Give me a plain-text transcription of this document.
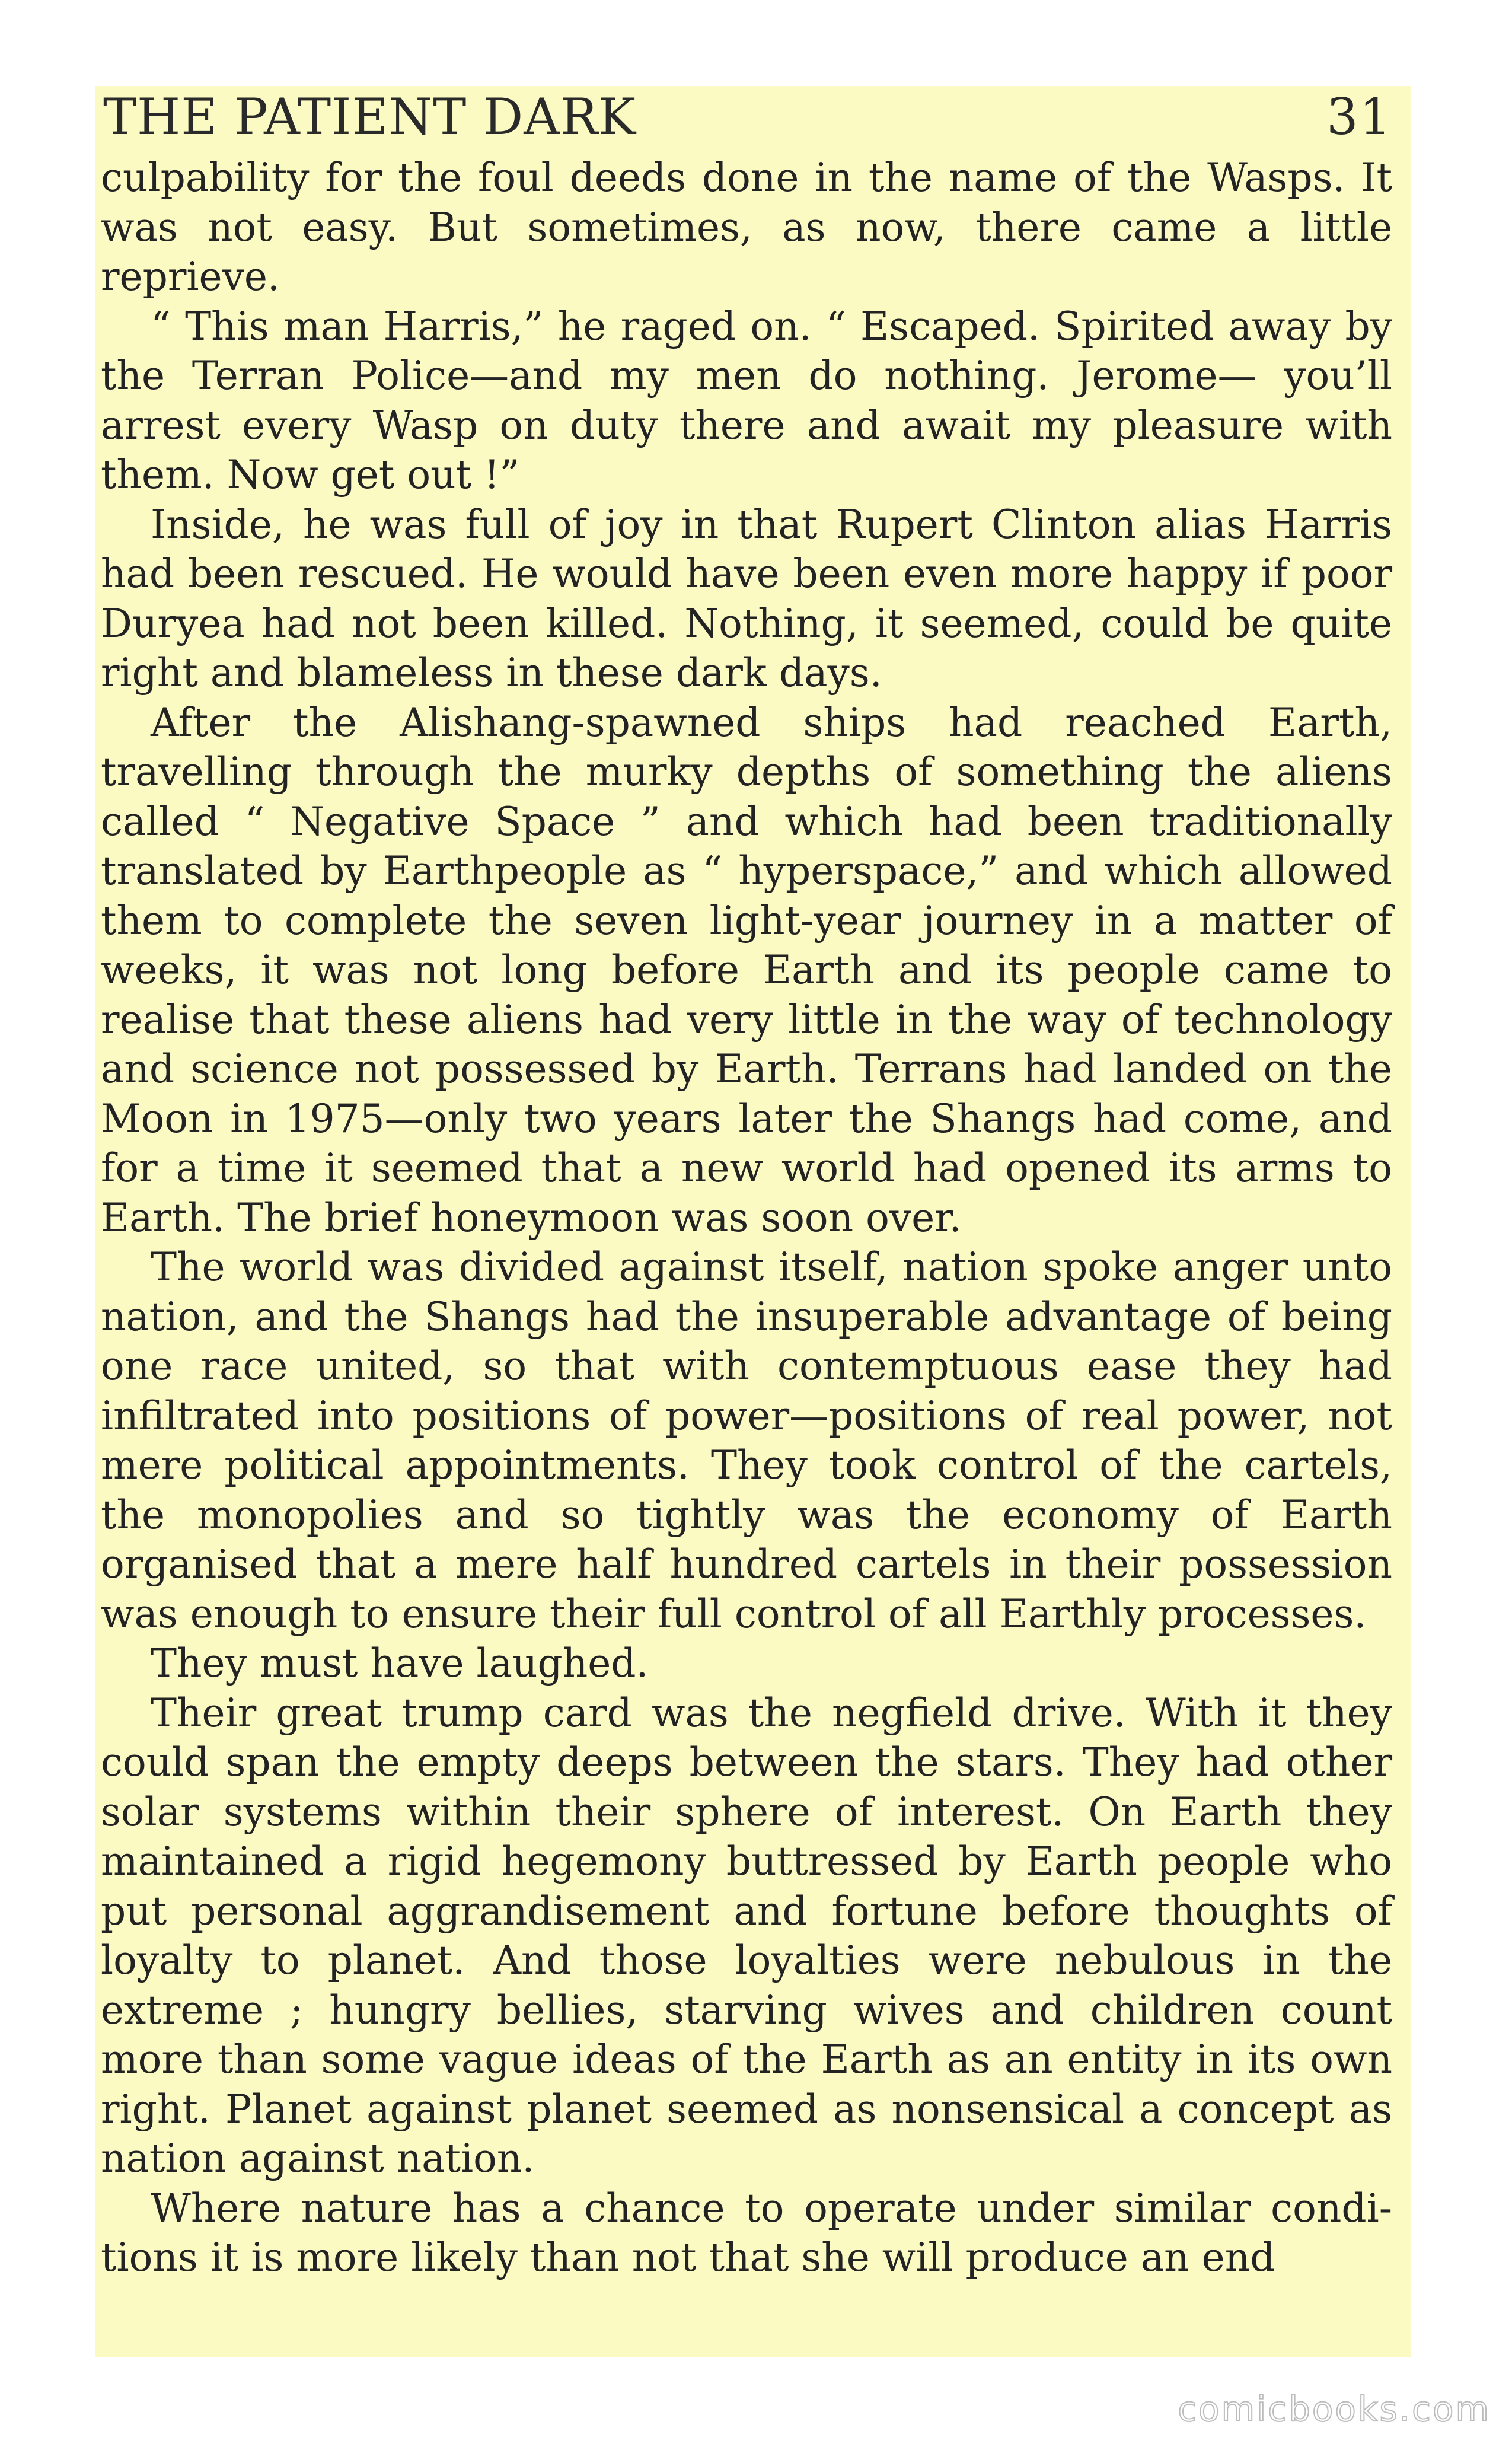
THE PATIENT DARK	31

culpability for the foul deeds done in the name of the Wasps. It was not easy. But sometimes, as now, there came a little reprieve.

“ This man Harris,” he raged on. “ Escaped. Spirited away by the Terran Police—and my men do nothing. Jerome— you’ll arrest every Wasp on duty there and await my pleasure with them. Now get out !”

Inside, he was full of joy in that Rupert Clinton alias Harris had been rescued. He would have been even more happy if poor Duryea had not been killed. Nothing, it seemed, could be quite right and blameless in these dark days.

After the Alishang-spawned ships had reached Earth, travelling through the murky depths of something the aliens called “ Negative Space ” and which had been traditionally translated by Earthpeople as “ hyperspace,” and which allowed them to complete the seven light-year journey in a matter of weeks, it was not long before Earth and its people came to realise that these aliens had very little in the way of technology and science not possessed by Earth. Terrans had landed on the Moon in 1975—only two years later the Shangs had come, and for a time it seemed that a new world had opened its arms to Earth. The brief honeymoon was soon over.

The world was divided against itself, nation spoke anger unto nation, and the Shangs had the insuperable advantage of being one race united, so that with contemptuous ease they had infiltrated into positions of power—positions of real power, not mere political appointments. They took control of the cartels, the monopolies and so tightly was the economy of Earth organised that a mere half hundred cartels in their possession was enough to ensure their full control of all Earthly processes.

They must have laughed.

Their great trump card was the negfield drive. With it they could span the empty deeps between the stars. They had other solar systems within their sphere of interest. On Earth they maintained a rigid hegemony buttressed by Earth people who put personal aggrandisement and fortune before thoughts of loyalty to planet. And those loyalties were nebulous in the extreme ; hungry bellies, starving wives and children count more than some vague ideas of the Earth as an entity in its own right. Planet against planet seemed as nonsensical a concept as nation against nation.

Where nature has a chance to operate under similar condi- tions it is more likely than not that she will produce an end

comicbooks.com
